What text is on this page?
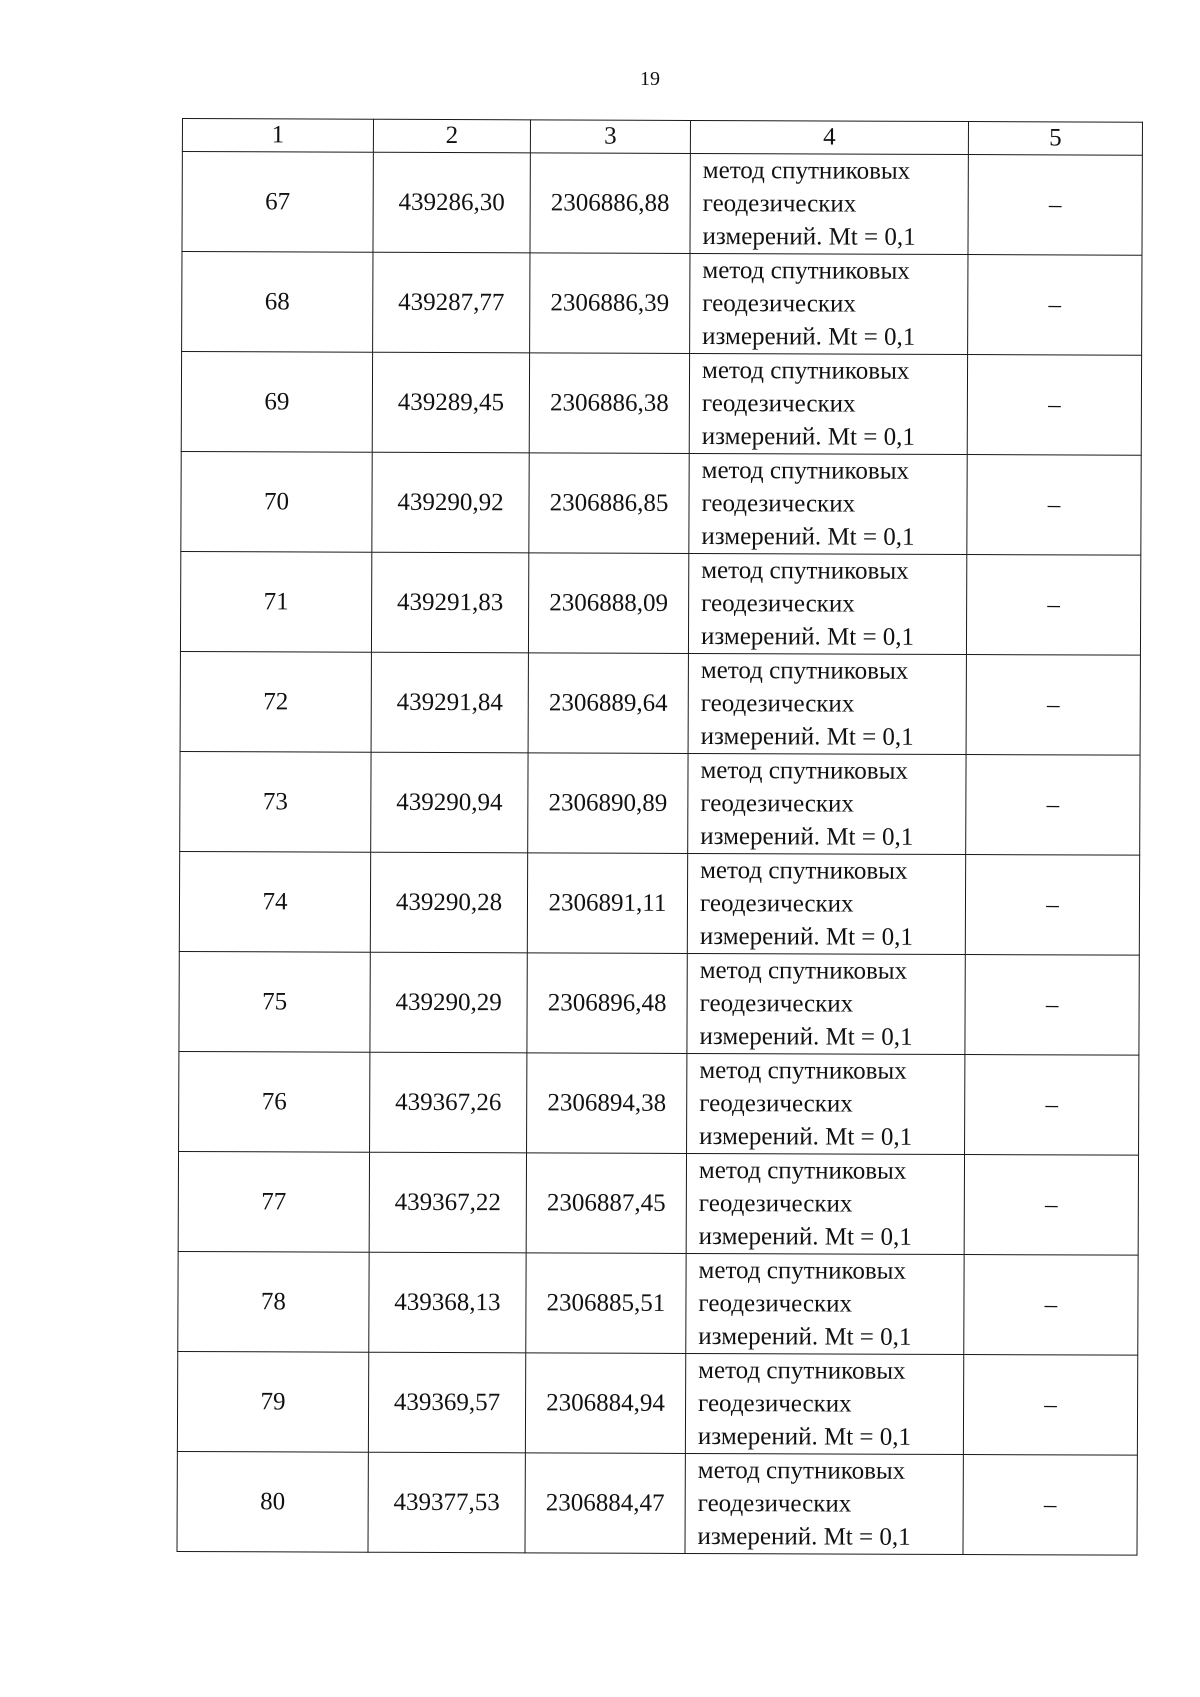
19
1	2	3	4	5
67	439286,30	2306886,88	метод спутниковых
геодезических
измерений. Mt = 0,1	–
68	439287,77	2306886,39	метод спутниковых
геодезических
измерений. Mt = 0,1	–
69	439289,45	2306886,38	метод спутниковых
геодезических
измерений. Mt = 0,1	–
70	439290,92	2306886,85	метод спутниковых
геодезических
измерений. Mt = 0,1	–
71	439291,83	2306888,09	метод спутниковых
геодезических
измерений. Mt = 0,1	–
72	439291,84	2306889,64	метод спутниковых
геодезических
измерений. Mt = 0,1	–
73	439290,94	2306890,89	метод спутниковых
геодезических
измерений. Mt = 0,1	–
74	439290,28	2306891,11	метод спутниковых
геодезических
измерений. Mt = 0,1	–
75	439290,29	2306896,48	метод спутниковых
геодезических
измерений. Mt = 0,1	–
76	439367,26	2306894,38	метод спутниковых
геодезических
измерений. Mt = 0,1	–
77	439367,22	2306887,45	метод спутниковых
геодезических
измерений. Mt = 0,1	–
78	439368,13	2306885,51	метод спутниковых
геодезических
измерений. Mt = 0,1	–
79	439369,57	2306884,94	метод спутниковых
геодезических
измерений. Mt = 0,1	–
80	439377,53	2306884,47	метод спутниковых
геодезических
измерений. Mt = 0,1	–
